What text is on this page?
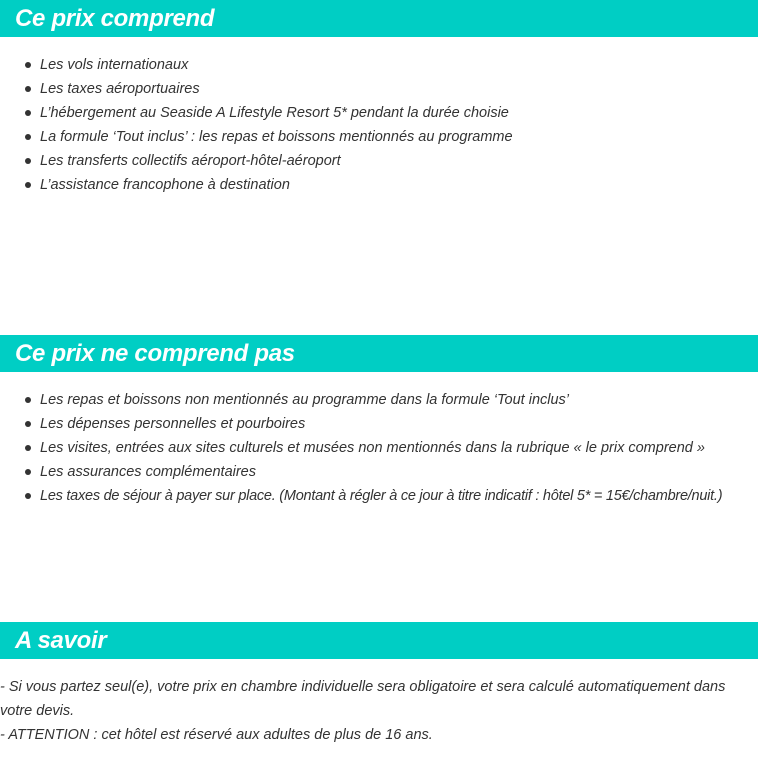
Ce prix comprend
Les vols internationaux
Les taxes aéroportuaires
L’hébergement au Seaside A Lifestyle Resort 5* pendant la durée choisie
La formule ‘Tout inclus’ : les repas et boissons mentionnés au programme
Les transferts collectifs aéroport-hôtel-aéroport
L’assistance francophone à destination
Ce prix ne comprend pas
Les repas et boissons non mentionnés au programme dans la formule ‘Tout inclus’
Les dépenses personnelles et pourboires
Les visites, entrées aux sites culturels et musées non mentionnés dans la rubrique « le prix comprend »
Les assurances complémentaires
Les taxes de séjour à payer sur place. (Montant à régler à ce jour à titre indicatif : hôtel 5* = 15€/chambre/nuit.)
A savoir
- Si vous partez seul(e), votre prix en chambre individuelle sera obligatoire et sera calculé automatiquement dans votre devis.
- ATTENTION : cet hôtel est réservé aux adultes de plus de 16 ans.
